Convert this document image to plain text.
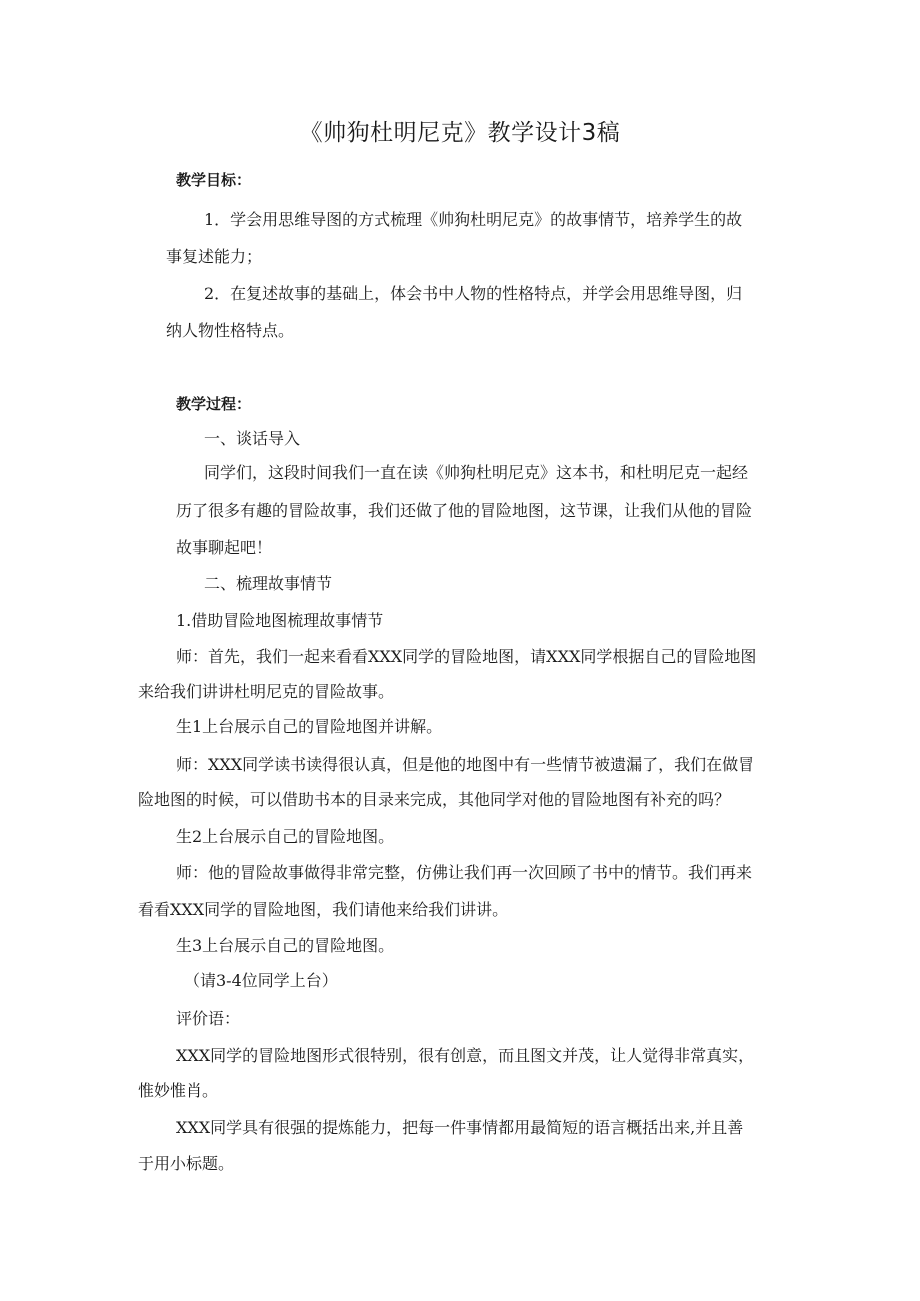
《帅狗杜明尼克》教学设计3稿
教学目标：
1．学会用思维导图的方式梳理《帅狗杜明尼克》的故事情节，培养学生的故
事复述能力；
2．在复述故事的基础上，体会书中人物的性格特点，并学会用思维导图，归
纳人物性格特点。
教学过程：
一、谈话导入
同学们，这段时间我们一直在读《帅狗杜明尼克》这本书，和杜明尼克一起经
历了很多有趣的冒险故事，我们还做了他的冒险地图，这节课，让我们从他的冒险
故事聊起吧！
二、梳理故事情节
1.借助冒险地图梳理故事情节
师：首先，我们一起来看看XXX同学的冒险地图，请XXX同学根据自己的冒险地图
来给我们讲讲杜明尼克的冒险故事。
生1上台展示自己的冒险地图并讲解。
师：XXX同学读书读得很认真，但是他的地图中有一些情节被遗漏了，我们在做冒
险地图的时候，可以借助书本的目录来完成，其他同学对他的冒险地图有补充的吗？
生2上台展示自己的冒险地图。
师：他的冒险故事做得非常完整，仿佛让我们再一次回顾了书中的情节。我们再来
看看XXX同学的冒险地图，我们请他来给我们讲讲。
生3上台展示自己的冒险地图。
（请3-4位同学上台）
评价语：
XXX同学的冒险地图形式很特别，很有创意，而且图文并茂，让人觉得非常真实，
惟妙惟肖。
XXX同学具有很强的提炼能力，把每一件事情都用最简短的语言概括出来,并且善
于用小标题。
